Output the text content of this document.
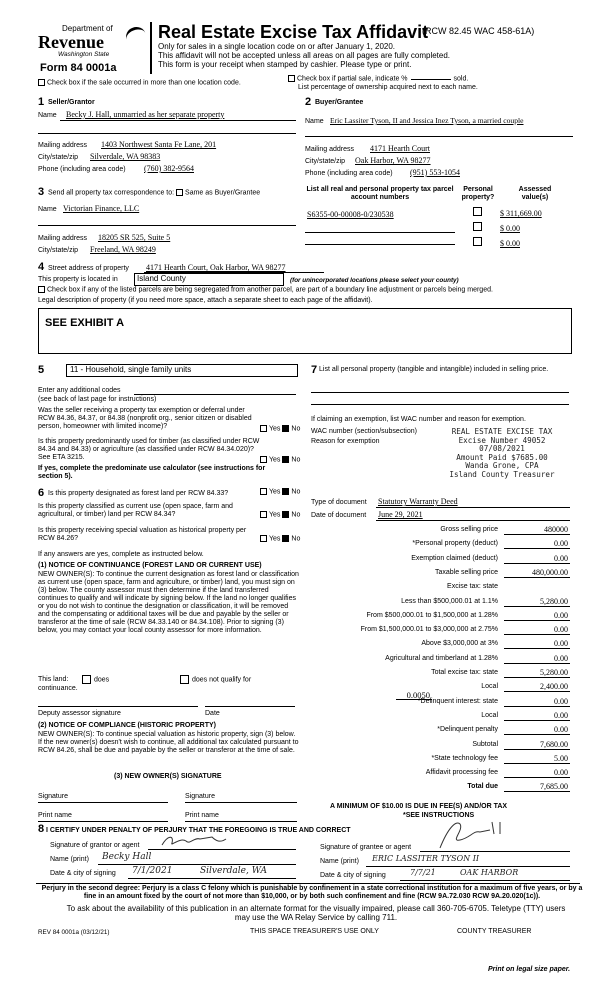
Department of
Revenue
Washington State
Form 84 0001a
Real Estate Excise Tax Affidavit
(RCW 82.45 WAC 458-61A)
Only for sales in a single location code on or after January 1, 2020.
This affidavit will not be accepted unless all areas on all pages are fully completed.
This form is your receipt when stamped by cashier. Please type or print.
Check box if the sale occurred in more than one location code.
Check box if partial sale, indicate %	sold.
List percentage of ownership acquired next to each name.
1 Seller/Grantor
Name Becky J. Hall, unmarried as her separate property
Mailing address 1403 Northwest Santa Fe Lane, 201
City/state/zip Silverdale, WA 98383
Phone (including area code) (760) 382-9564
2 Buyer/Grantee
Name Eric Lassiter Tyson, II and Jessica Inez Tyson, a married couple
Mailing address 4171 Hearth Court
City/state/zip Oak Harbor, WA 98277
Phone (including area code) (951) 553-1054
3 Send all property tax correspondence to: Same as Buyer/Grantee
Name Victorian Finance, LLC
Mailing address 18205 SR 525, Suite 5
City/state/zip Freeland, WA 98249
List all real and personal property tax parcel account numbers
Personal property?
Assessed value(s)
S6355-00-00008-0/230538	$ 311,669.00
$ 0.00
$ 0.00
4 Street address of property 4171 Hearth Court, Oak Harbor, WA 98277
This property is located in Island County	(for unincorporated locations please select your county)
Check box if any of the listed parcels are being segregated from another parcel, are part of a boundary line adjustment or parcels being merged.
Legal description of property (if you need more space, attach a separate sheet to each page of the affidavit).
SEE EXHIBIT A
5	11 - Household, single family units
Enter any additional codes
(see back of last page for instructions)
Was the seller receiving a property tax exemption or deferral under RCW 84.36, 84.37, or 84.38 (nonprofit org., senior citizen or disabled person, homeowner with limited income)?	Yes No
Is this property predominantly used for timber (as classified under RCW 84.34 and 84.33) or agriculture (as classified under RCW 84.34.020)? See ETA 3215.	Yes No
If yes, complete the predominate use calculator (see instructions for section 5).
6 Is this property designated as forest land per RCW 84.33?	Yes No
Is this property classified as current use (open space, farm and agricultural, or timber) land per RCW 84.34?	Yes No
Is this property receiving special valuation as historical property per RCW 84.26?	Yes No
If any answers are yes, complete as instructed below.
(1) NOTICE OF CONTINUANCE (FOREST LAND OR CURRENT USE)
NEW OWNER(S): To continue the current designation as forest land or classification as current use (open space, farm and agriculture, or timber) land, you must sign on (3) below. The county assessor must then determine if the land transferred continues to qualify and will indicate by signing below. If the land no longer qualifies or you do not wish to continue the designation or classification, it will be removed and the compensating or additional taxes will be due and payable by the seller or transferor at the time of sale (RCW 84.33.140 or 84.34.108). Prior to signing (3) below, you may contact your local county assessor for more information.
This land:	does	does not qualify for
continuance.
Deputy assessor signature	Date
(2) NOTICE OF COMPLIANCE (HISTORIC PROPERTY)
NEW OWNER(S): To continue special valuation as historic property, sign (3) below. If the new owner(s) doesn't wish to continue, all additional tax calculated pursuant to RCW 84.26, shall be due and payable by the seller or transferor at the time of sale.
(3) NEW OWNER(S) SIGNATURE
Signature	Signature
Print name	Print name
7 List all personal property (tangible and intangible) included in selling price.
If claiming an exemption, list WAC number and reason for exemption.
WAC number (section/subsection)
Reason for exemption
REAL ESTATE EXCISE TAX
Excise Number 49052
07/08/2021
Amount Paid $7685.00
Wanda Grone, CPA
Island County Treasurer
Type of document Statutory Warranty Deed
Date of document June 29, 2021
Gross selling price	480000
*Personal property (deduct)	0.00
Exemption claimed (deduct)	0.00
Taxable selling price	480,000.00
Excise tax: state
Less than $500,000.01 at 1.1%	5,280.00
From $500,000.01 to $1,500,000 at 1.28%	0.00
From $1,500,000.01 to $3,000,000 at 2.75%	0.00
Above $3,000,000 at 3%	0.00
Agricultural and timberland at 1.28%	0.00
Total excise tax: state	5,280.00
Local	2,400.00
*Delinquent interest: state	0.00
Local	0.00
*Delinquent penalty	0.00
Subtotal	7,680.00
*State technology fee	5.00
Affidavit processing fee	0.00
Total due	7,685.00
0.0050
A MINIMUM OF $10.00 IS DUE IN FEE(S) AND/OR TAX
*SEE INSTRUCTIONS
8 I CERTIFY UNDER PENALTY OF PERJURY THAT THE FOREGOING IS TRUE AND CORRECT
Signature of grantor or agent
Name (print) Becky Hall
Date & city of signing 7/1/2021	Silverdale, WA
Signature of grantee or agent
Name (print) ERIC LASSITER TYSON II
Date & city of signing	7/7/21	OAK HARBOR
Perjury in the second degree: Perjury is a class C felony which is punishable by confinement in a state correctional institution for a maximum of five years, or by a fine in an amount fixed by the court of not more than $10,000, or by both such confinement and fine (RCW 9A.72.030 RCW 9A.20.020(1c)).
To ask about the availability of this publication in an alternate format for the visually impaired, please call 360-705-6705. Teletype (TTY) users may use the WA Relay Service by calling 711.
REV 84 0001a (03/12/21)	THIS SPACE TREASURER'S USE ONLY	COUNTY TREASURER
Print on legal size paper.
